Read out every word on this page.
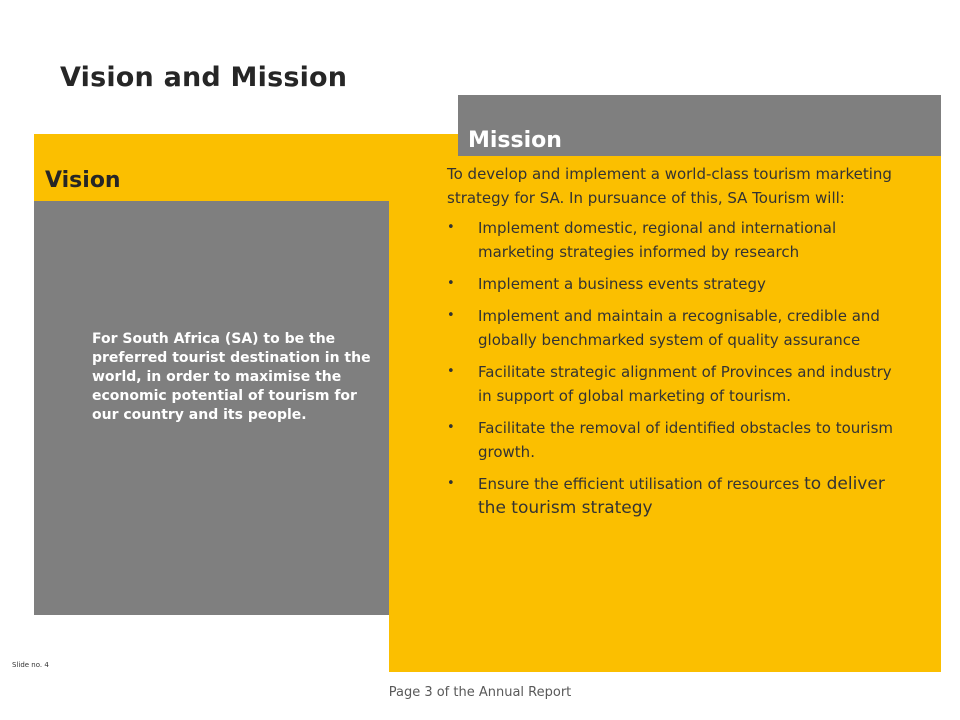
Vision and Mission
Vision
For South Africa (SA) to be the preferred tourist destination in the world, in order to maximise the economic potential of tourism for our country and its people.
Mission

To develop and implement a world-class tourism marketing strategy for SA. In pursuance of this, SA Tourism will:

• Implement domestic, regional and international marketing strategies informed by research
• Implement a business events strategy
• Implement and maintain a recognisable, credible and globally benchmarked system of quality assurance
• Facilitate strategic alignment of Provinces and industry in support of global marketing of tourism.
• Facilitate the removal of identified obstacles to tourism growth.
• Ensure the efficient utilisation of resources to deliver the tourism strategy
Slide no. 4
Page 3 of the Annual Report
